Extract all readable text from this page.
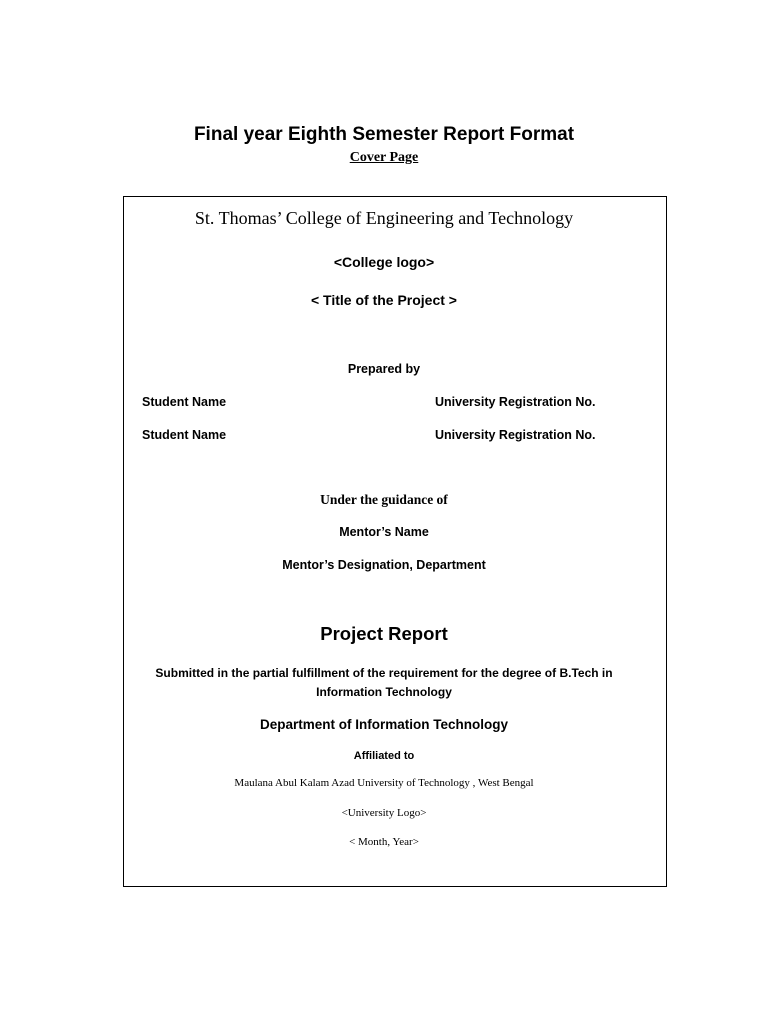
Final year Eighth Semester Report Format
Cover Page
St. Thomas’ College of Engineering and Technology
<College logo>
< Title of the Project >
Prepared by
Student Name	University Registration No.
Student Name	University Registration No.
Under the guidance of
Mentor’s Name
Mentor’s Designation, Department
Project Report
Submitted in the partial fulfillment of the requirement for the degree of B.Tech in
Information Technology
Department of Information Technology
Affiliated to
Maulana Abul Kalam Azad University of Technology , West Bengal
<University Logo>
< Month, Year>
